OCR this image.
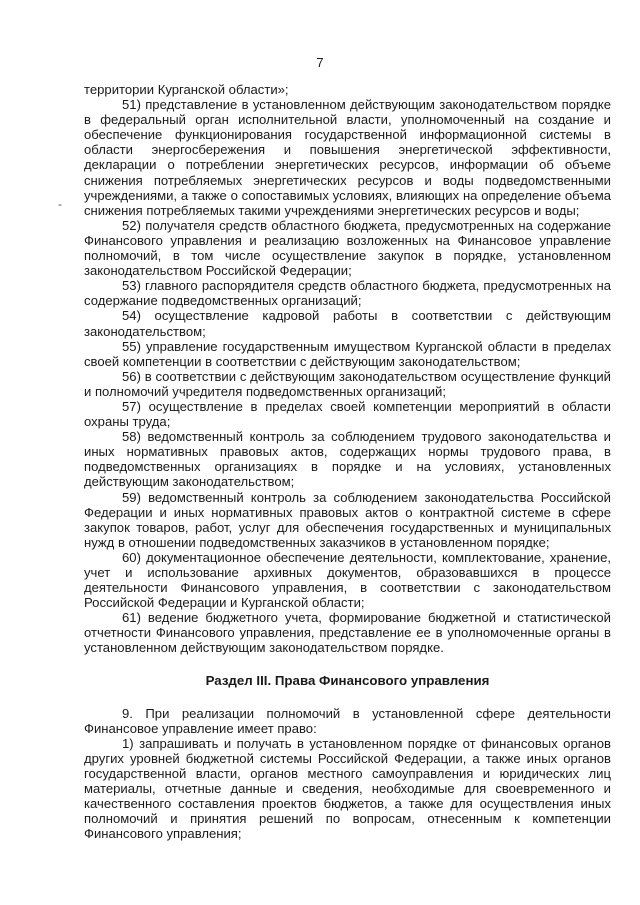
7
-

территории Курганской области»;

51) представление в установленном действующим законодательством порядке в федеральный орган исполнительной власти, уполномоченный на создание и обеспечение функционирования государственной информационной системы в области энергосбережения и повышения энергетической эффективности, декларации о потреблении энергетических ресурсов, информации об объеме снижения потребляемых энергетических ресурсов и воды подведомственными учреждениями, а также о сопоставимых условиях, влияющих на определение объема снижения потребляемых такими учреждениями энергетических ресурсов и воды;

52) получателя средств областного бюджета, предусмотренных на содержание Финансового управления и реализацию возложенных на Финансовое управление полномочий, в том числе осуществление закупок в порядке, установленном законодательством Российской Федерации;

53) главного распорядителя средств областного бюджета, предусмотренных на содержание подведомственных организаций;

54) осуществление кадровой работы в соответствии с действующим законодательством;

55) управление государственным имуществом Курганской области в пределах своей компетенции в соответствии с действующим законодательством;

56) в соответствии с действующим законодательством осуществление функций и полномочий учредителя подведомственных организаций;

57) осуществление в пределах своей компетенции мероприятий в области охраны труда;

58) ведомственный контроль за соблюдением трудового законодательства и иных нормативных правовых актов, содержащих нормы трудового права, в подведомственных организациях в порядке и на условиях, установленных действующим законодательством;

59) ведомственный контроль за соблюдением законодательства Российской Федерации и иных нормативных правовых актов о контрактной системе в сфере закупок товаров, работ, услуг для обеспечения государственных и муниципальных нужд в отношении подведомственных заказчиков в установленном порядке;

60) документационное обеспечение деятельности, комплектование, хранение, учет и использование архивных документов, образовавшихся в процессе деятельности Финансового управления, в соответствии с законодательством Российской Федерации и Курганской области;

61) ведение бюджетного учета, формирование бюджетной и статистической отчетности Финансового управления, представление ее в уполномоченные органы в установленном действующим законодательством порядке.

Раздел III. Права Финансового управления

9. При реализации полномочий в установленной сфере деятельности Финансовое управление имеет право:

1) запрашивать и получать в установленном порядке от финансовых органов других уровней бюджетной системы Российской Федерации, а также иных органов государственной власти, органов местного самоуправления и юридических лиц материалы, отчетные данные и сведения, необходимые для своевременного и качественного составления проектов бюджетов, а также для осуществления иных полномочий и принятия решений по вопросам, отнесенным к компетенции Финансового управления;
